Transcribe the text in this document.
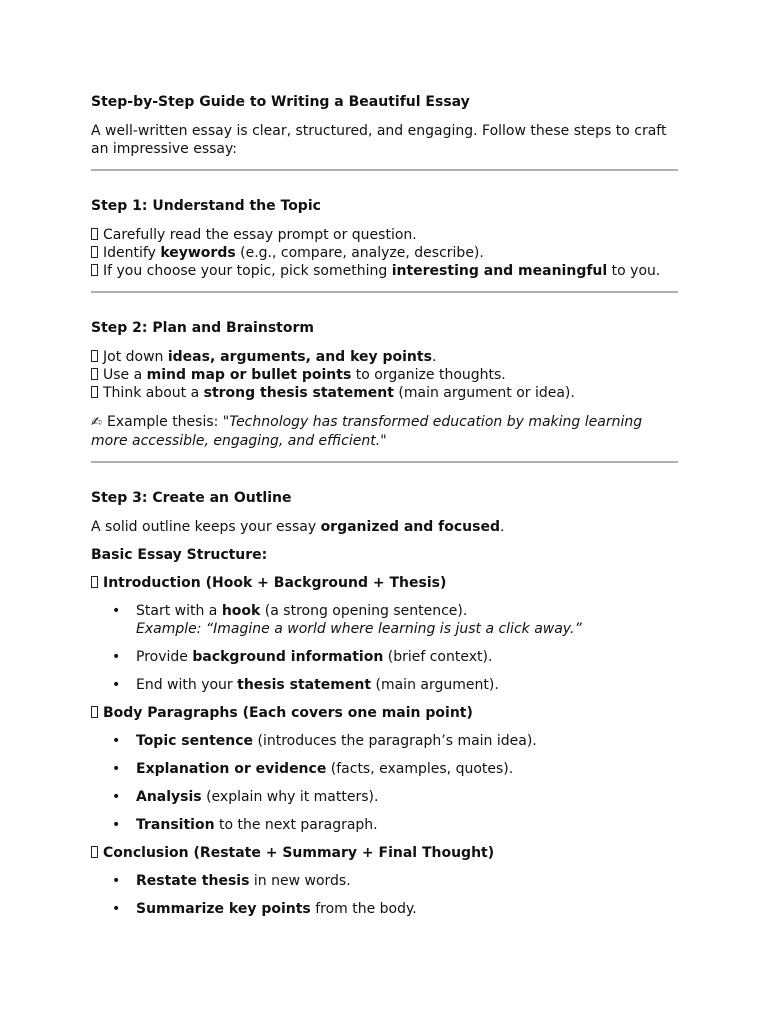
Step-by-Step Guide to Writing a Beautiful Essay

A well-written essay is clear, structured, and engaging. Follow these steps to craft an impressive essay:

Step 1: Understand the Topic

Carefully read the essay prompt or question.
Identify keywords (e.g., compare, analyze, describe).
If you choose your topic, pick something interesting and meaningful to you.

Step 2: Plan and Brainstorm

Jot down ideas, arguments, and key points.
Use a mind map or bullet points to organize thoughts.
Think about a strong thesis statement (main argument or idea).

✍ Example thesis: "Technology has transformed education by making learning more accessible, engaging, and efficient."

Step 3: Create an Outline

A solid outline keeps your essay organized and focused.

Basic Essay Structure:

Introduction (Hook + Background + Thesis)

• Start with a hook (a strong opening sentence).
Example: “Imagine a world where learning is just a click away.”
• Provide background information (brief context).
• End with your thesis statement (main argument).

Body Paragraphs (Each covers one main point)

• Topic sentence (introduces the paragraph’s main idea).
• Explanation or evidence (facts, examples, quotes).
• Analysis (explain why it matters).
• Transition to the next paragraph.

Conclusion (Restate + Summary + Final Thought)

• Restate thesis in new words.
• Summarize key points from the body.
